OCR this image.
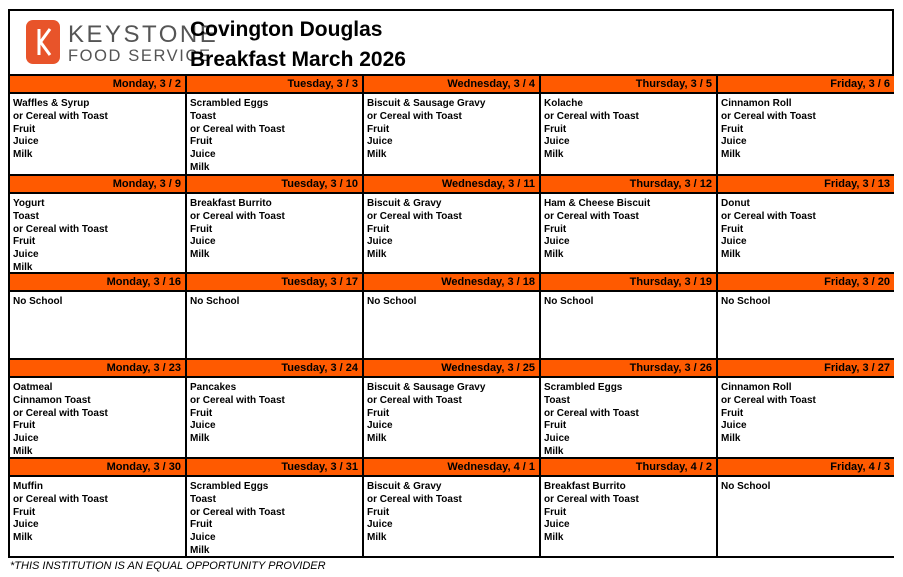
KEYSTONE
FOOD SERVICE
Covington Douglas
Breakfast March 2026
Monday, 3 / 2
Waffles & Syrup
or Cereal with Toast
Fruit
Juice
Milk
Tuesday, 3 / 3
Scrambled Eggs
Toast
or Cereal with Toast
Fruit
Juice
Milk
Wednesday, 3 / 4
Biscuit & Sausage Gravy
or Cereal with Toast
Fruit
Juice
Milk
Thursday, 3 / 5
Kolache
or Cereal with Toast
Fruit
Juice
Milk
Friday, 3 / 6
Cinnamon Roll
or Cereal with Toast
Fruit
Juice
Milk
Monday, 3 / 9
Yogurt
Toast
or Cereal with Toast
Fruit
Juice
Milk
Tuesday, 3 / 10
Breakfast Burrito
or Cereal with Toast
Fruit
Juice
Milk
Wednesday, 3 / 11
Biscuit & Gravy
or Cereal with Toast
Fruit
Juice
Milk
Thursday, 3 / 12
Ham & Cheese Biscuit
or Cereal with Toast
Fruit
Juice
Milk
Friday, 3 / 13
Donut
or Cereal with Toast
Fruit
Juice
Milk
Monday, 3 / 16
No School
Tuesday, 3 / 17
No School
Wednesday, 3 / 18
No School
Thursday, 3 / 19
No School
Friday, 3 / 20
No School
Monday, 3 / 23
Oatmeal
Cinnamon Toast
or Cereal with Toast
Fruit
Juice
Milk
Tuesday, 3 / 24
Pancakes
or Cereal with Toast
Fruit
Juice
Milk
Wednesday, 3 / 25
Biscuit & Sausage Gravy
or Cereal with Toast
Fruit
Juice
Milk
Thursday, 3 / 26
Scrambled Eggs
Toast
or Cereal with Toast
Fruit
Juice
Milk
Friday, 3 / 27
Cinnamon Roll
or Cereal with Toast
Fruit
Juice
Milk
Monday, 3 / 30
Muffin
or Cereal with Toast
Fruit
Juice
Milk
Tuesday, 3 / 31
Scrambled Eggs
Toast
or Cereal with Toast
Fruit
Juice
Milk
Wednesday, 4 / 1
Biscuit & Gravy
or Cereal with Toast
Fruit
Juice
Milk
Thursday, 4 / 2
Breakfast Burrito
or Cereal with Toast
Fruit
Juice
Milk
Friday, 4 / 3
No School
*THIS INSTITUTION IS AN EQUAL OPPORTUNITY PROVIDER
